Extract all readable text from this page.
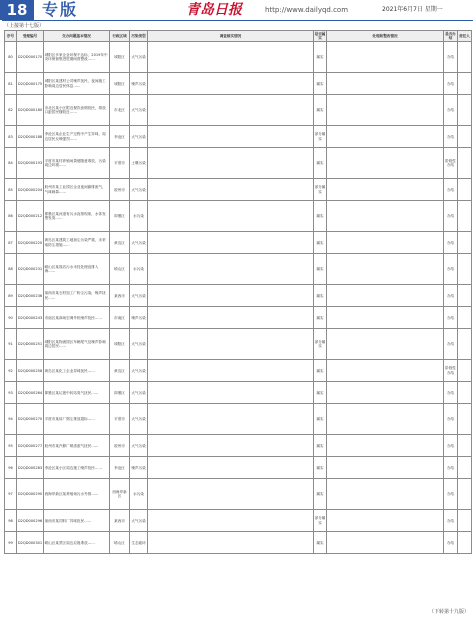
18 专版	青岛日报	http://www.dailyqd.com	2021年6月7日 星期一
（上接第十七版）
序号	受理编号	交办问题基本情况	行政区域	污染类型	调查核实情况	是否属实	处理和整改情况	是否办结	责任人
80	D2QD000170	城阳区多家企业环保不达标，2019年中央环保督察进驻期间曾整改……	城阳区	大气污染		属实		办结	
81	D2QD000175	城阳区某建材公司噪声扰民，夜间施工影响周边居民休息……	城阳区	噪声污染		属实		办结	
82	D2QD000180	市北区某小区附近餐饮油烟扰民，排放口距居民楼较近……	市北区	大气污染		属实		办结	
83	D2QD000188	李沧区某企业生产过程中产生异味，周边居民反映强烈……	李沧区	大气污染		部分属实		办结	
84	D2QD000193	平度市某村养殖场粪便随意堆放，污染周边环境……	平度市	土壤污染		属实		阶段性办结	
85	D2QD000204	胶州市某工业园区企业夜间偷排废气，气味刺鼻……	胶州市	大气污染		部分属实		办结	
86	D2QD000212	即墨区某河道有污水直排现象，水体发黑发臭……	即墨区	水污染		属实		办结	
87	D2QD000220	黄岛区某建筑工地扬尘污染严重，未采取防尘措施……	黄岛区	大气污染		属实		办结	
88	D2QD000231	崂山区某饭店污水未经处理直排入海……	崂山区	水污染		属实		办结	
89	D2QD000236	莱西市某石材加工厂粉尘污染，噪声扰民……	莱西市	大气污染		属实		办结	
90	D2QD000243	市南区某商场空调外机噪声扰民……	市南区	噪声污染		属实		办结	
91	D2QD000251	城阳区某物流园区车辆尾气及噪声影响周边居民……	城阳区	大气污染		部分属实		办结	
92	D2QD000258	黄岛区某化工企业异味扰民……	黄岛区	大气污染		属实		阶段性办结	
93	D2QD000264	即墨区某垃圾中转站臭气扰民……	即墨区	大气污染		属实		办结	
94	D2QD000270	平度市某砖厂烟尘排放超标……	平度市	大气污染		属实		办结	
95	D2QD000277	胶州市某汽修厂喷漆废气扰民……	胶州市	大气污染		属实		办结	
96	D2QD000283	李沧区某小区周边施工噪声扰民……	李沧区	噪声污染		属实		办结	
97	D2QD000290	西海岸新区某养殖场污水外排……	西海岸新区	水污染		属实		办结	
98	D2QD000296	莱西市某饲料厂异味扰民……	莱西市	大气污染		部分属实		办结	
99	D2QD000301	崂山区某景区周边垃圾堆放……	崂山区	生态破坏		属实		办结	
（下转第十九版）
